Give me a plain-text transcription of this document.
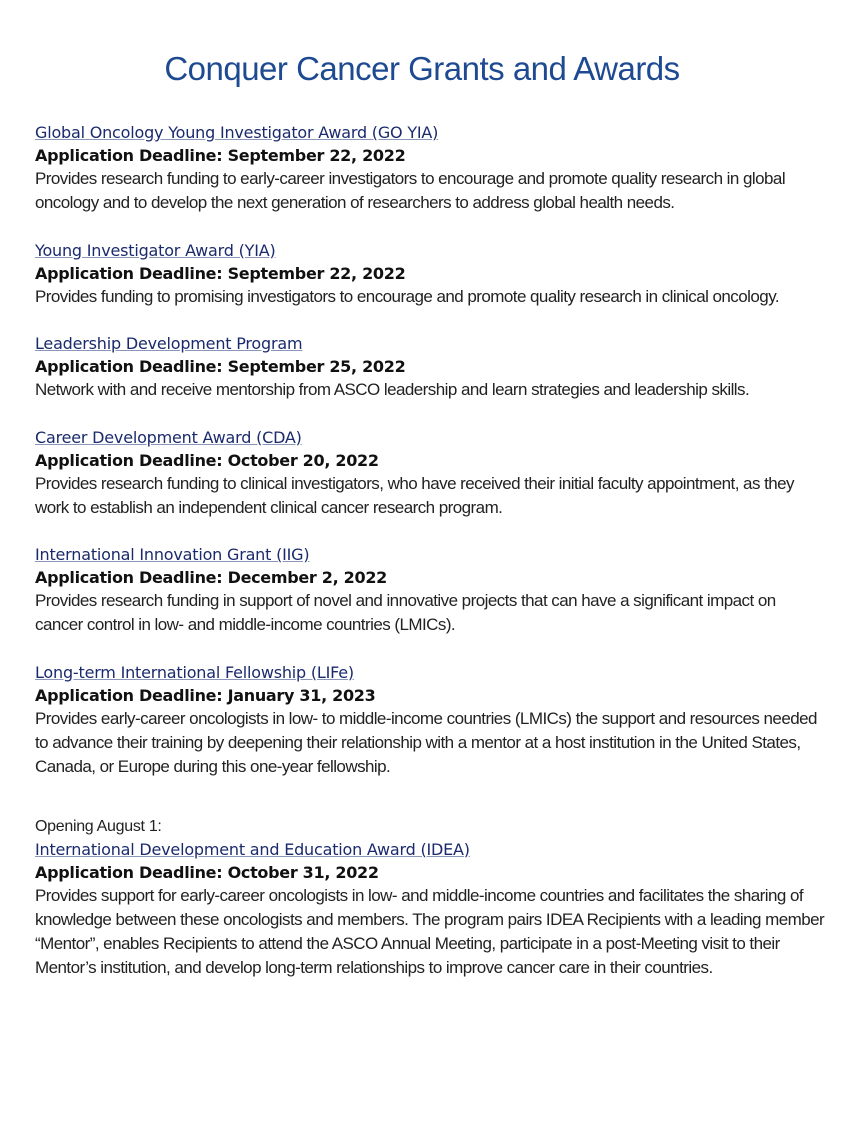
Conquer Cancer Grants and Awards
Global Oncology Young Investigator Award (GO YIA)
Application Deadline: September 22, 2022
Provides research funding to early-career investigators to encourage and promote quality research in global oncology and to develop the next generation of researchers to address global health needs.
Young Investigator Award (YIA)
Application Deadline: September 22, 2022
Provides funding to promising investigators to encourage and promote quality research in clinical oncology.
Leadership Development Program
Application Deadline: September 25, 2022
Network with and receive mentorship from ASCO leadership and learn strategies and leadership skills.
Career Development Award (CDA)
Application Deadline: October 20, 2022
Provides research funding to clinical investigators, who have received their initial faculty appointment, as they work to establish an independent clinical cancer research program.
International Innovation Grant (IIG)
Application Deadline: December 2, 2022
Provides research funding in support of novel and innovative projects that can have a significant impact on cancer control in low- and middle-income countries (LMICs).
Long-term International Fellowship (LIFe)
Application Deadline: January 31, 2023
Provides early-career oncologists in low- to middle-income countries (LMICs) the support and resources needed to advance their training by deepening their relationship with a mentor at a host institution in the United States, Canada, or Europe during this one-year fellowship.
Opening August 1:
International Development and Education Award (IDEA)
Application Deadline: October 31, 2022
Provides support for early-career oncologists in low- and middle-income countries and facilitates the sharing of knowledge between these oncologists and members. The program pairs IDEA Recipients with a leading member “Mentor”, enables Recipients to attend the ASCO Annual Meeting, participate in a post-Meeting visit to their Mentor’s institution, and develop long-term relationships to improve cancer care in their countries.
